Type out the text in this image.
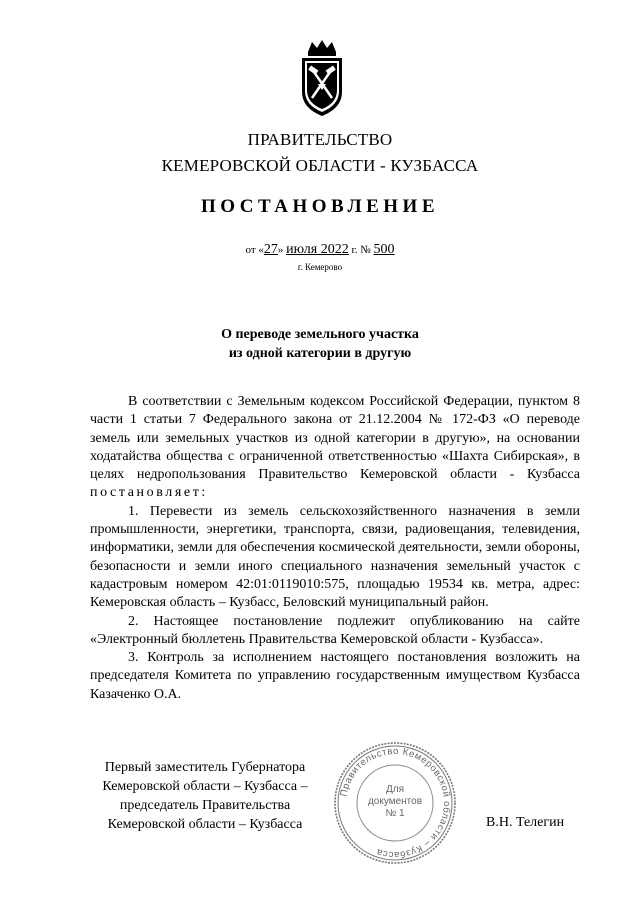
ПРАВИТЕЛЬСТВО
КЕМЕРОВСКОЙ ОБЛАСТИ - КУЗБАССА
ПОСТАНОВЛЕНИЕ
от «27» июля 2022 г. № 500
г. Кемерово
О переводе земельного участка
из одной категории в другую

В соответствии с Земельным кодексом Российской Федерации, пунктом 8 части 1 статьи 7 Федерального закона от 21.12.2004 № 172-ФЗ «О переводе земель или земельных участков из одной категории в другую», на основании ходатайства общества с ограниченной ответственностью «Шахта Сибирская», в целях недропользования Правительство Кемеровской области - Кузбасса постановляет:

1. Перевести из земель сельскохозяйственного назначения в земли промышленности, энергетики, транспорта, связи, радиовещания, телевидения, информатики, земли для обеспечения космической деятельности, земли обороны, безопасности и земли иного специального назначения земельный участок с кадастровым номером 42:01:0119010:575, площадью 19534 кв. метра, адрес: Кемеровская область – Кузбасс, Беловский муниципальный район.

2. Настоящее постановление подлежит опубликованию на сайте «Электронный бюллетень Правительства Кемеровской области - Кузбасса».

3. Контроль за исполнением настоящего постановления возложить на председателя Комитета по управлению государственным имуществом Кузбасса Казаченко О.А.

Первый заместитель Губернатора
Кемеровской области – Кузбасса –
председатель Правительства
Кемеровской области – Кузбасса
Правительство Кемеровской области – Кузбасса
Для
документов
№ 1
В.Н. Телегин
